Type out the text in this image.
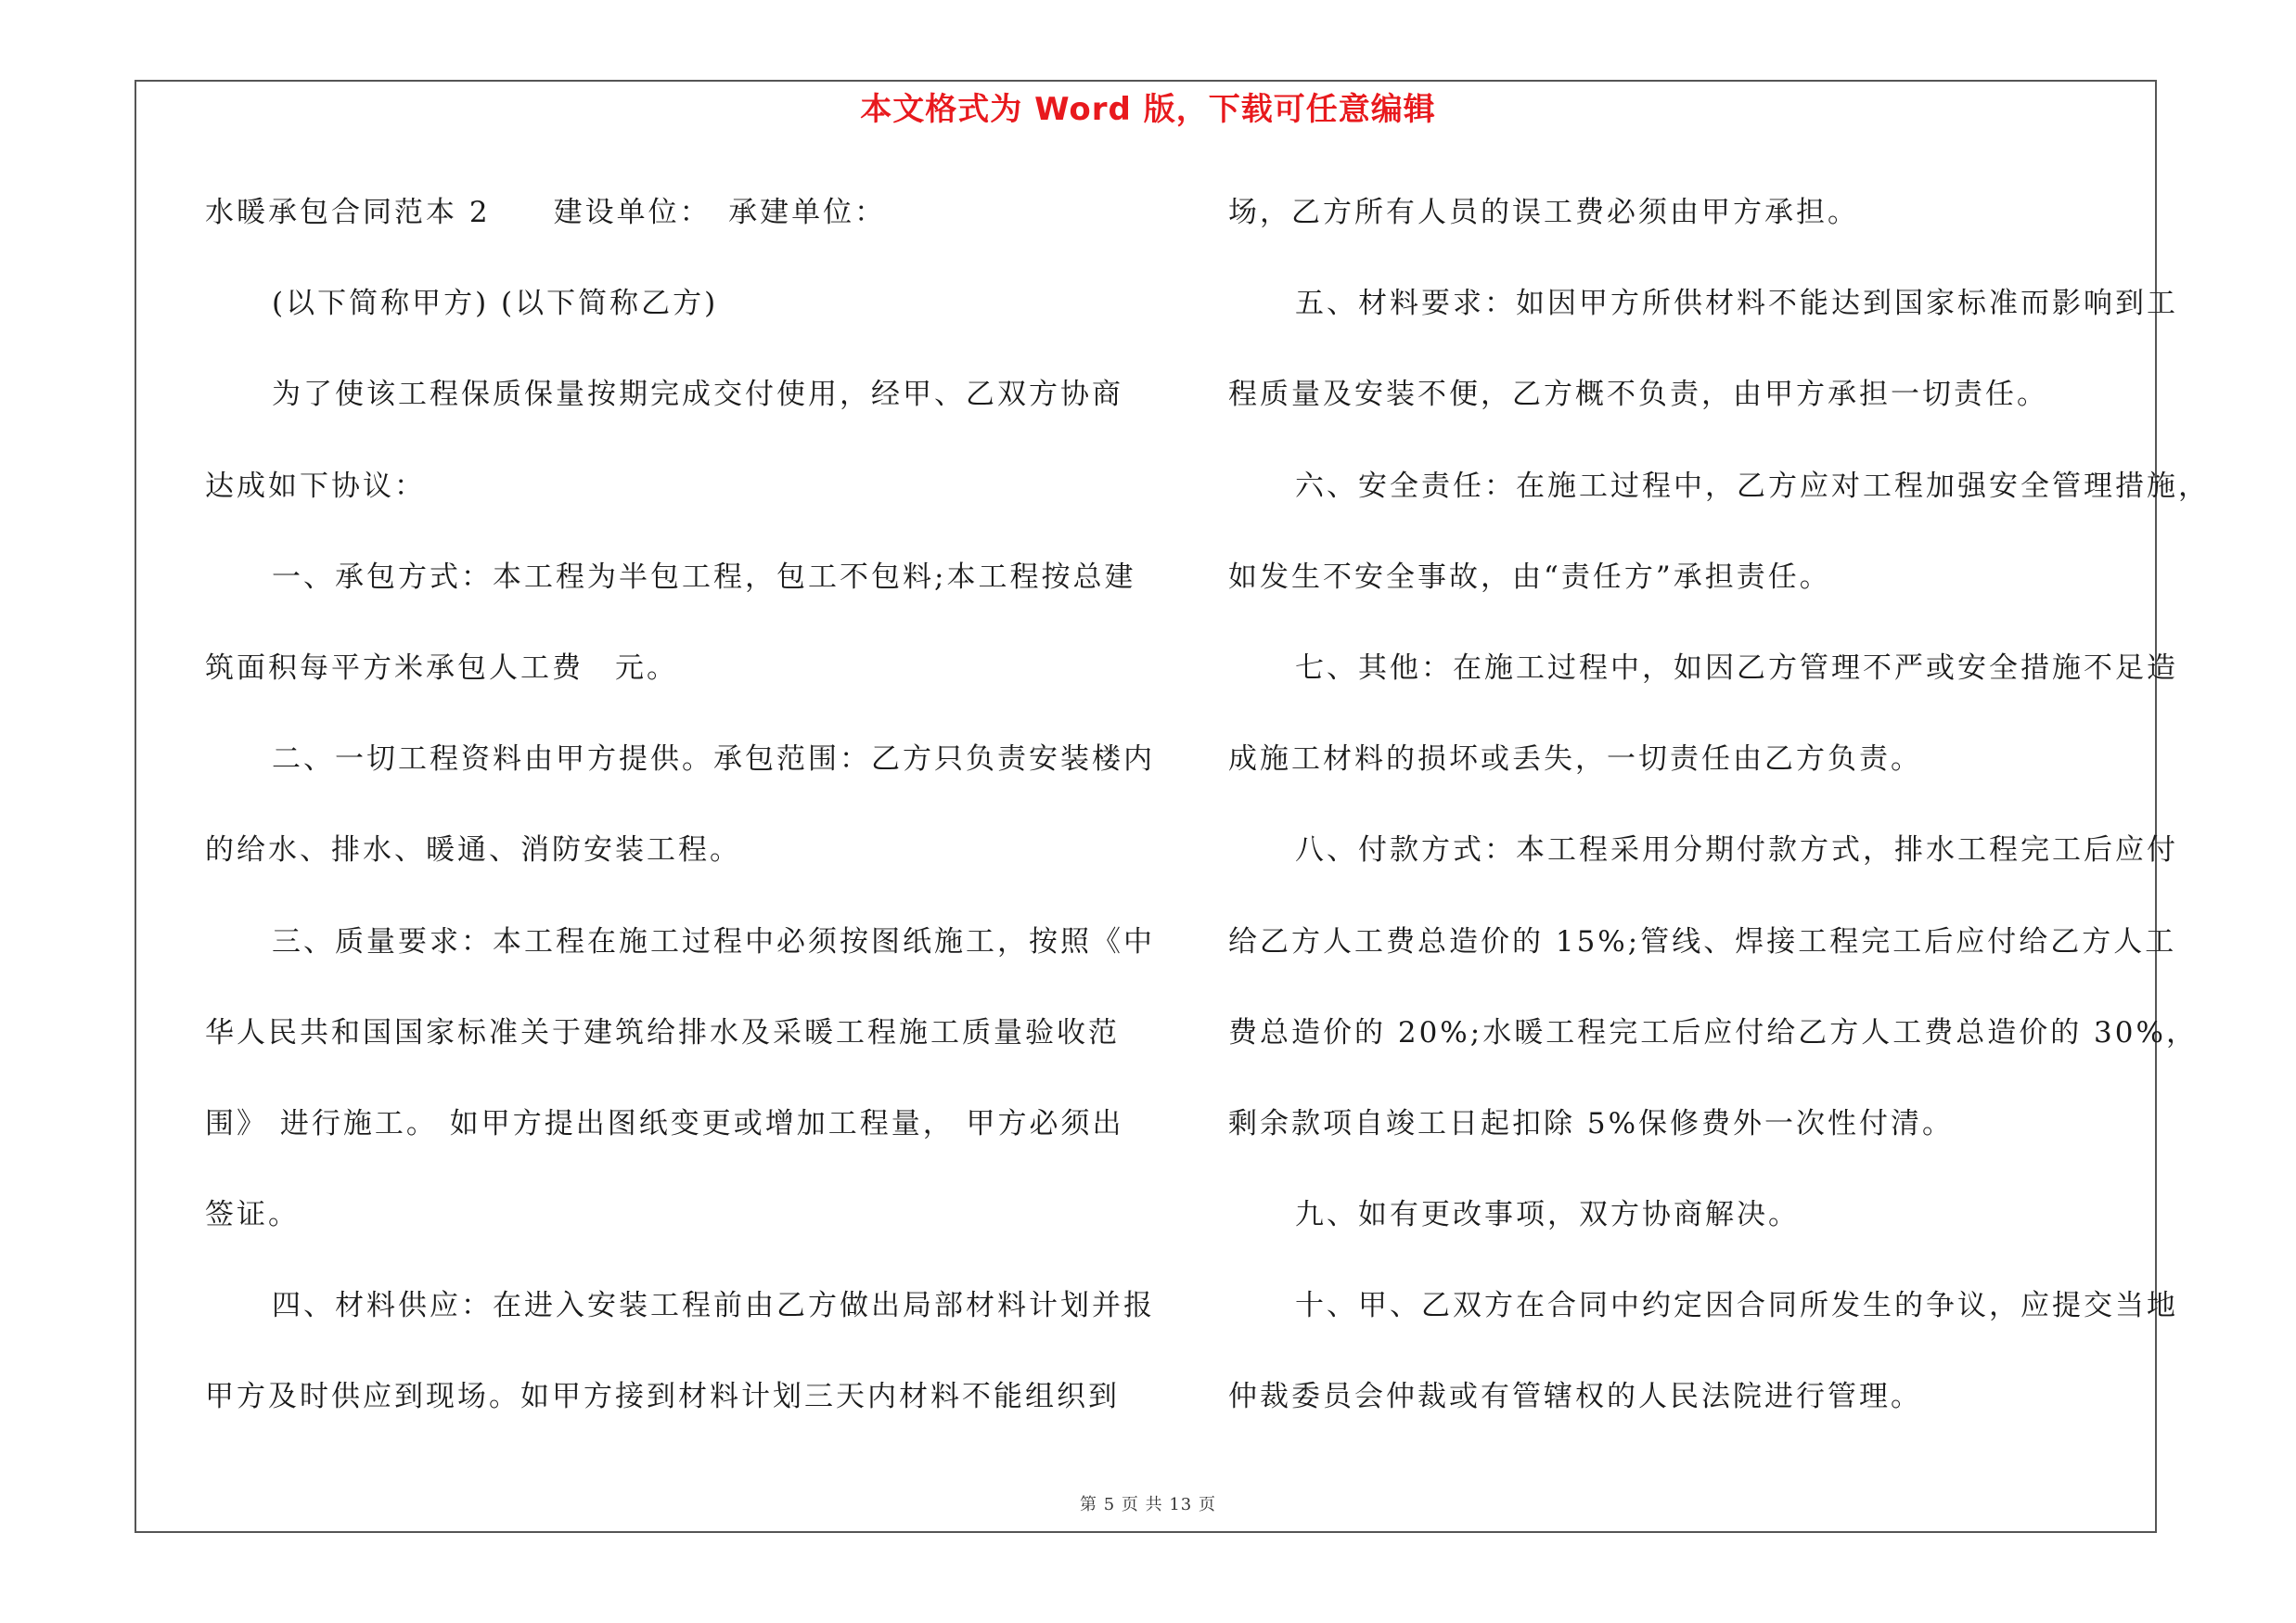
本文格式为 Word 版，下载可任意编辑
水暖承包合同范本 2　　建设单位：　承建单位：
(以下简称甲方) (以下简称乙方)
为了使该工程保质保量按期完成交付使用，经甲、乙双方协商
达成如下协议：
一、承包方式：本工程为半包工程，包工不包料;本工程按总建
筑面积每平方米承包人工费　元。
二、一切工程资料由甲方提供。承包范围：乙方只负责安装楼内
的给水、排水、暖通、消防安装工程。
三、质量要求：本工程在施工过程中必须按图纸施工，按照《中
华人民共和国国家标准关于建筑给排水及采暖工程施工质量验收范
围》 进行施工。 如甲方提出图纸变更或增加工程量， 甲方必须出
签证。
四、材料供应：在进入安装工程前由乙方做出局部材料计划并报
甲方及时供应到现场。如甲方接到材料计划三天内材料不能组织到
场，乙方所有人员的误工费必须由甲方承担。
五、材料要求：如因甲方所供材料不能达到国家标准而影响到工
程质量及安装不便，乙方概不负责，由甲方承担一切责任。
六、安全责任：在施工过程中，乙方应对工程加强安全管理措施，
如发生不安全事故，由“责任方”承担责任。
七、其他：在施工过程中，如因乙方管理不严或安全措施不足造
成施工材料的损坏或丢失，一切责任由乙方负责。
八、付款方式：本工程采用分期付款方式，排水工程完工后应付
给乙方人工费总造价的 15%;管线、焊接工程完工后应付给乙方人工
费总造价的 20%;水暖工程完工后应付给乙方人工费总造价的 30%，
剩余款项自竣工日起扣除 5%保修费外一次性付清。
九、如有更改事项，双方协商解决。
十、甲、乙双方在合同中约定因合同所发生的争议，应提交当地
仲裁委员会仲裁或有管辖权的人民法院进行管理。
第 5 页 共 13 页
